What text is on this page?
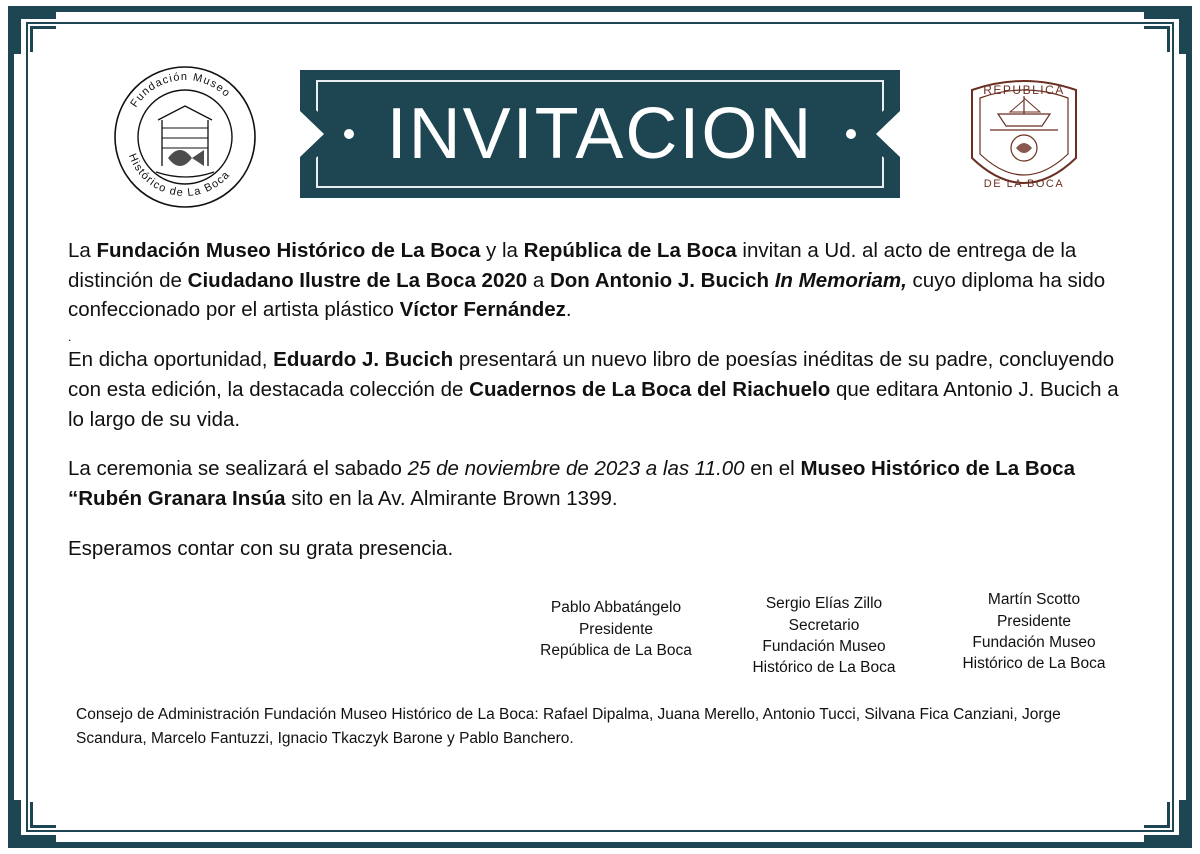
Fundación Museo
Histórico de La Boca
INVITACION
REPUBLICA
DE LA BOCA

La Fundación Museo Histórico de La Boca y la República de La Boca invitan a Ud. al acto de entrega de la distinción de Ciudadano Ilustre de La Boca 2020 a Don Antonio J. Bucich In Memoriam, cuyo diploma ha sido confeccionado por el artista plástico Víctor Fernández.

.

En dicha oportunidad, Eduardo J. Bucich presentará un nuevo libro de poesías inéditas de su padre, concluyendo con esta edición, la destacada colección de Cuadernos de La Boca del Riachuelo que editara Antonio J. Bucich a lo largo de su vida.

La ceremonia se sealizará el sabado 25 de noviembre de 2023 a las 11.00 en el Museo Histórico de La Boca “Rubén Granara Insúa sito en la Av. Almirante Brown 1399.

Esperamos contar con su grata presencia.

Pablo Abbatángelo
Presidente
República de La Boca
Sergio Elías Zillo
Secretario
Fundación Museo
Histórico de La Boca
Martín Scotto
Presidente
Fundación Museo
Histórico de La Boca
Consejo de Administración Fundación Museo Histórico de La Boca: Rafael Dipalma, Juana Merello, Antonio Tucci, Silvana Fica Canziani, Jorge Scandura, Marcelo Fantuzzi, Ignacio Tkaczyk Barone y Pablo Banchero.
